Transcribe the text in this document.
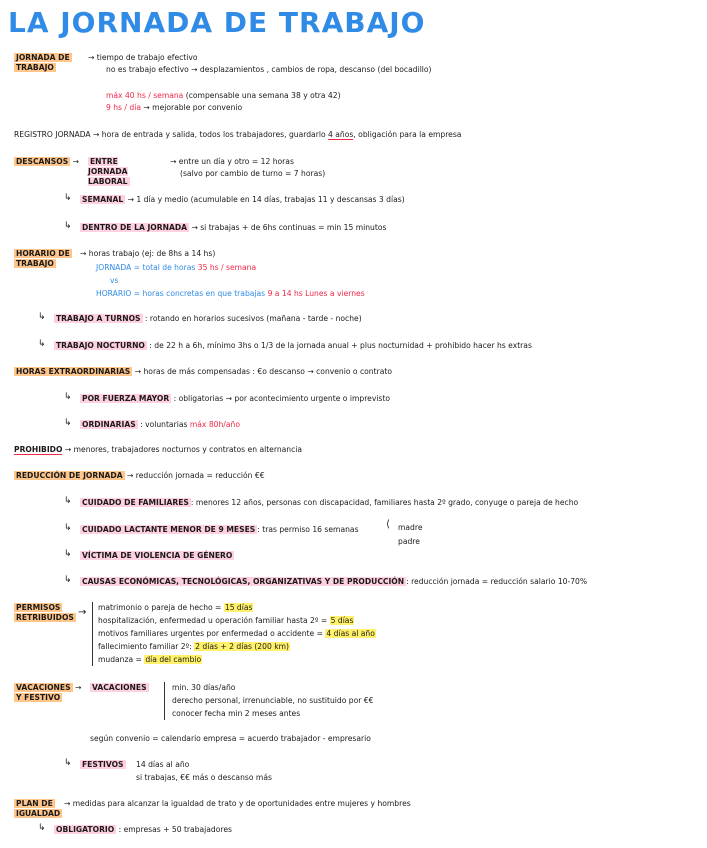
LA JORNADA DE TRABAJO
JORNADA DE
TRABAJO
→ tiempo de trabajo efectivo
no es trabajo efectivo → desplazamientos , cambios de ropa, descanso (del bocadillo)
máx 40 hs / semana (compensable una semana 38 y otra 42)
9 hs / día → mejorable por convenio
REGISTRO JORNADA → hora de entrada y salida, todos los trabajadores, guardarlo 4 años, obligación para la empresa
DESCANSOS → ENTRE JORNADA LABORAL
→ entre un día y otro = 12 horas
(salvo por cambio de turno = 7 horas)
↳ SEMANAL → 1 día y medio (acumulable en 14 días, trabajas 11 y descansas 3 días)
↳ DENTRO DE LA JORNADA → si trabajas + de 6hs continuas = min 15 minutos
HORARIO DE
TRABAJO
→ horas trabajo (ej: de 8hs a 14 hs)
JORNADA = total de horas 35 hs / semana
vs
HORARIO = horas concretas en que trabajas 9 a 14 hs Lunes a viernes
↳ TRABAJO A TURNOS : rotando en horarios sucesivos (mañana - tarde - noche)
↳ TRABAJO NOCTURNO : de 22 h a 6h, mínimo 3hs o 1/3 de la jornada anual + plus nocturnidad + prohibido hacer hs extras
HORAS EXTRAORDINARIAS → horas de más compensadas : €o descanso → convenio o contrato
↳ POR FUERZA MAYOR : obligatorias → por acontecimiento urgente o imprevisto
↳ ORDINARIAS : voluntarias máx 80h/año
PROHIBIDO → menores, trabajadores nocturnos y contratos en alternancia
REDUCCIÓN DE JORNADA → reducción jornada = reducción €€
↳ CUIDADO DE FAMILIARES : menores 12 años, personas con discapacidad, familiares hasta 2º grado, conyuge o pareja de hecho
↳ CUIDADO LACTANTE MENOR DE 9 MESES : tras permiso 16 semanas	⟨ madre
padre
↳ VÍCTIMA DE VIOLENCIA DE GÉNERO
↳ CAUSAS ECONÓMICAS, TECNOLÓGICAS, ORGANIZATIVAS Y DE PRODUCCIÓN : reducción jornada = reducción salario 10-70%
PERMISOS
RETRIBUIDOS → matrimonio o pareja de hecho = 15 días
hospitalización, enfermedad u operación familiar hasta 2º = 5 días
motivos familiares urgentes por enfermedad o accidente = 4 días al año
fallecimiento familiar 2º: 2 días + 2 días (200 km)
mudanza = día del cambio
VACACIONES →
Y FESTIVO
VACACIONES	min. 30 días/año
derecho personal, irrenunciable, no sustituido por €€
conocer fecha min 2 meses antes
según convenio = calendario empresa = acuerdo trabajador - empresario
↳ FESTIVOS 14 días al año
si trabajas, €€ más o descanso más
PLAN DE
IGUALDAD
→ medidas para alcanzar la igualdad de trato y de oportunidades entre mujeres y hombres
↳ OBLIGATORIO : empresas + 50 trabajadores
